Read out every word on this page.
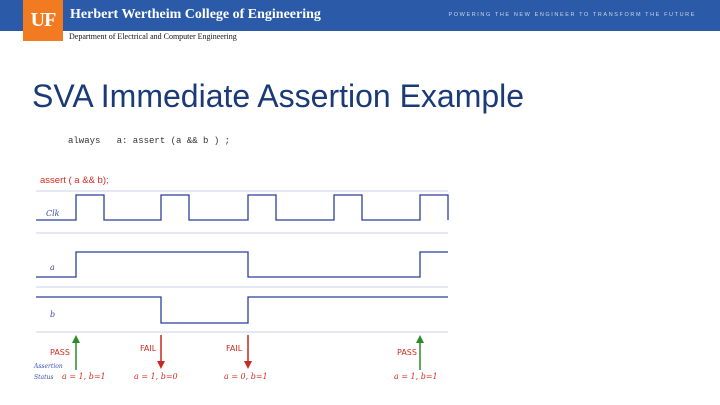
UF	Herbert Wertheim College of Engineering	POWERING THE NEW ENGINEER TO TRANSFORM THE FUTURE
Department of Electrical and Computer Engineering
SVA Immediate Assertion Example
always   a: assert (a && b ) ;
assert ( a && b);
Clk
a
b
Assertion
Status
PASS
a = 1, b=1
FAIL
a = 1, b=0
FAIL
a = 0, b=1
PASS
a = 1, b=1
